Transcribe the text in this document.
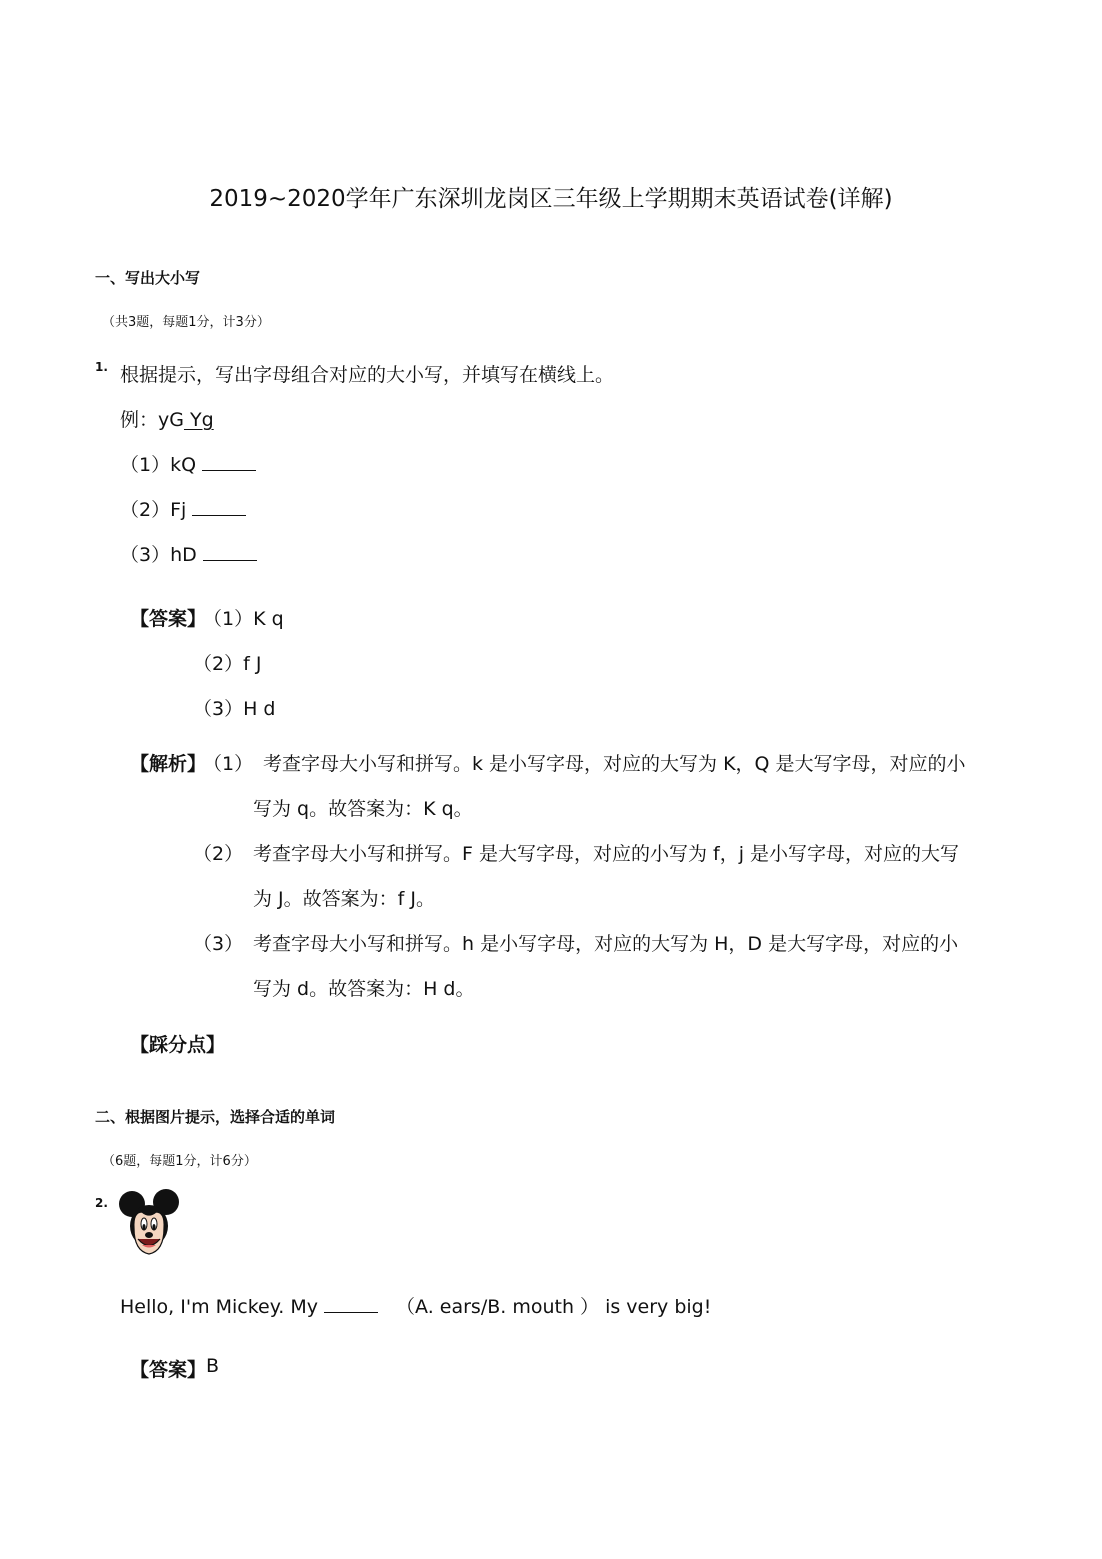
2019~2020学年广东深圳龙岗区三年级上学期期末英语试卷(详解)
一、写出大小写
（共3题，每题1分，计3分）
1. 根据提示，写出字母组合对应的大小写，并填写在横线上。
例：yG Yg
（1）kQ
（2）Fj
（3）hD
【答案】
（1）K q
（2）f J
（3）H d
【解析】
（1） 考查字母大小写和拼写。k 是小写字母，对应的大写为 K，Q 是大写字母，对应的小
写为 q。故答案为：K q。
（2） 考查字母大小写和拼写。F 是大写字母，对应的小写为 f，j 是小写字母，对应的大写
为 J。故答案为：f J。
（3） 考查字母大小写和拼写。h 是小写字母，对应的大写为 H，D 是大写字母，对应的小
写为 d。故答案为：H d。
【踩分点】
二、根据图片提示，选择合适的单词
（6题，每题1分，计6分）
2.
Hello, I'm Mickey. My	（A. ears/B. mouth ） is very big!
【答案】 B
